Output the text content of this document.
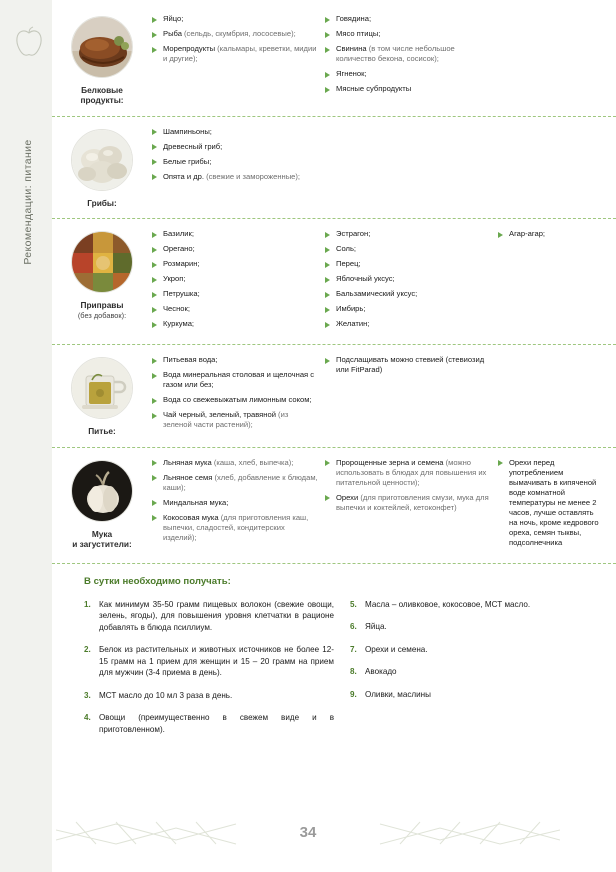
Рекомендации: питание
Белковые
продукты:
Яйцо;
Рыба (сельдь, скумбрия, лососевые);
Морепродукты (кальмары, креветки, мидии и другие);
Говядина;
Мясо птицы;
Свинина (в том числе небольшое количество бекона, сосисок);
Ягненок;
Мясные субпродукты
Грибы:
Шампиньоны;
Древесный гриб;
Белые грибы;
Опята и др. (свежие и замороженные);
Приправы
(без добавок):
Базилик;
Орегано;
Розмарин;
Укроп;
Петрушка;
Чеснок;
Куркума;
Эстрагон;
Соль;
Перец;
Яблочный уксус;
Бальзамический уксус;
Имбирь;
Желатин;
Агар-агар;
Питье:
Питьевая вода;
Вода минеральная столовая и щелочная с газом или без;
Вода со свежевыжатым лимонным соком;
Чай черный, зеленый, травяной (из зеленой части растений);
Подслащивать можно стевией (стевиозид или FitParad)
Мука
и загустители:
Льняная мука (каша, хлеб, выпечка);
Льняное семя (хлеб, добавление к блюдам, каши);
Миндальная мука;
Кокосовая мука (для приготовления каш, выпечки, сладостей, кондитерских изделий);
Пророщенные зерна и семена (можно использовать в блюдах для повышения их питательной ценности);
Орехи (для приготовления смузи, мука для выпечки и коктейлей, кетоконфет)
Орехи перед употреблением вымачивать в кипяченой воде комнатной температуры не менее 2 часов, лучше оставлять на ночь, кроме кедрового ореха, семян тыквы, подсолнечника
В сутки необходимо получать:
1.	Как минимум 35-50 грамм пищевых волокон (свежие овощи, зелень, ягоды), для повышения уровня клетчатки в рационе добавлять в блюда псиллиум.
2.	Белок из растительных и животных источников не более 12-15 грамм на 1 прием для женщин и 15 – 20 грамм на прием для мужчин (3-4 приема в день).
3.	МСТ масло до 10 мл 3 раза в день.
4.	Овощи (преимущественно в свежем виде и в приготовленном).
5.	Масла – оливковое, кокосовое, МСТ масло.
6.	Яйца.
7.	Орехи и семена.
8.	Авокадо
9.	Оливки, маслины
34
